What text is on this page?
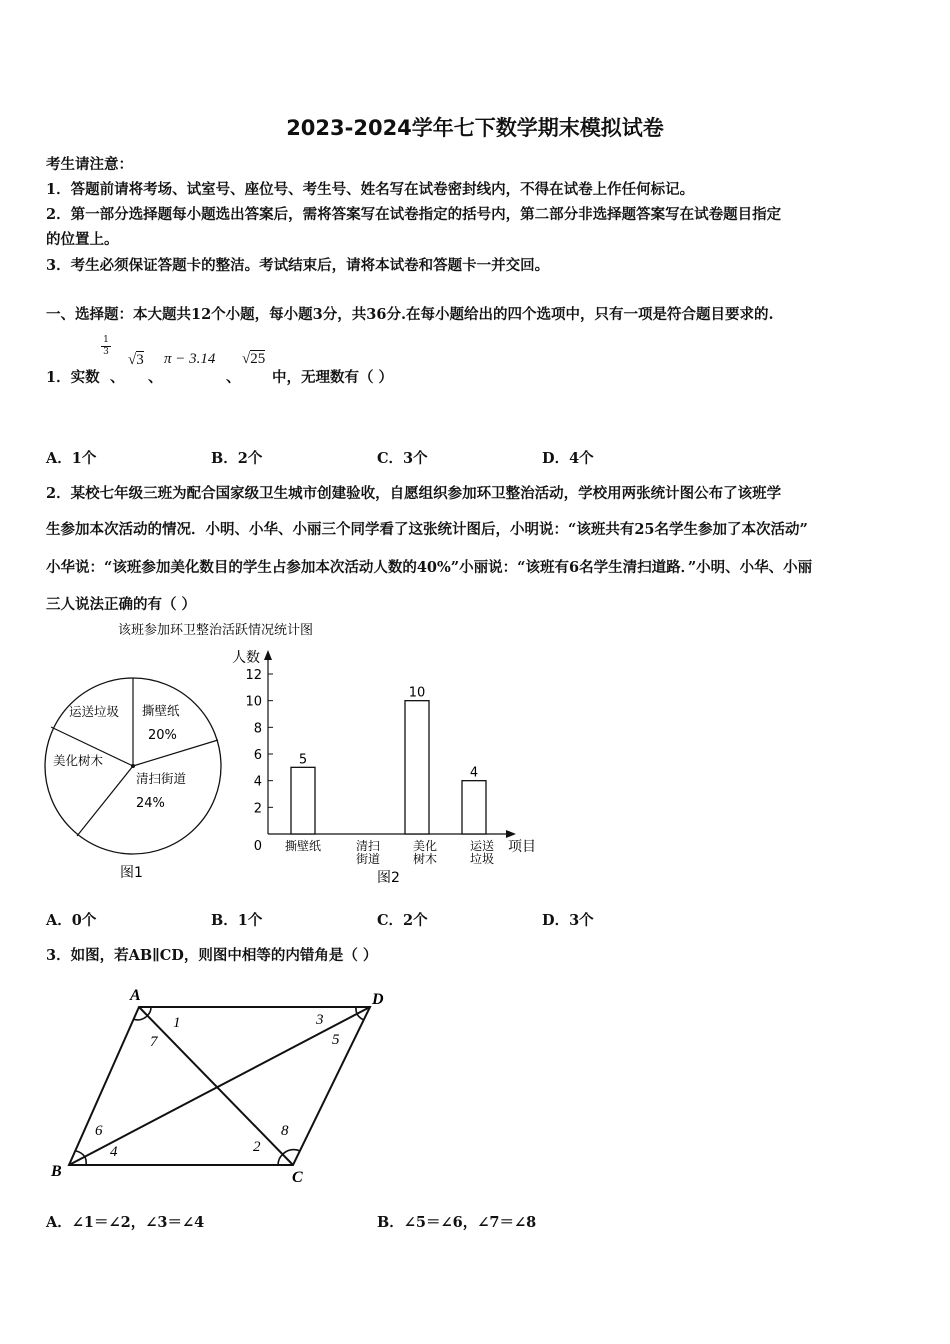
2023-2024学年七下数学期末模拟试卷
考生请注意：
1．答题前请将考场、试室号、座位号、考生号、姓名写在试卷密封线内，不得在试卷上作任何标记。
2．第一部分选择题每小题选出答案后，需将答案写在试卷指定的括号内，第二部分非选择题答案写在试卷题目指定
的位置上。
3．考生必须保证答题卡的整洁。考试结束后，请将本试卷和答题卡一并交回。
一、选择题：本大题共12个小题，每小题3分，共36分.在每小题给出的四个选项中，只有一项是符合题目要求的.
1．实数 、
1
3 √3
、
π − 3.14
、
√25
中，无理数有（ ）
A．1个	B．2个	C．3个	D．4个
2．某校七年级三班为配合国家级卫生城市创建验收，自愿组织参加环卫整治活动，学校用两张统计图公布了该班学
生参加本次活动的情况．小明、小华、小丽三个同学看了这张统计图后，小明说：“该班共有25名学生参加了本次活动”
小华说：“该班参加美化数目的学生占参加本次活动人数的40%”小丽说：“该班有6名学生清扫道路．”小明、小华、小丽
三人说法正确的有（ ）
该班参加环卫整治活跃情况统计图
运送垃圾 撕壁纸
20%
美化树木
清扫街道
24%
图1
人数
项目
图2
0
2
4
6
8
10
12
5
撕壁纸	清扫
街道
10
美化
树木
4
运送
垃圾
A．0个	B．1个	C．2个	D．3个
3．如图，若AB∥CD，则图中相等的内错角是（ ）
A
B	C
D
1
2
3
4
5
6
7
8
A．∠1＝∠2，∠3＝∠4	B．∠5＝∠6，∠7＝∠8
